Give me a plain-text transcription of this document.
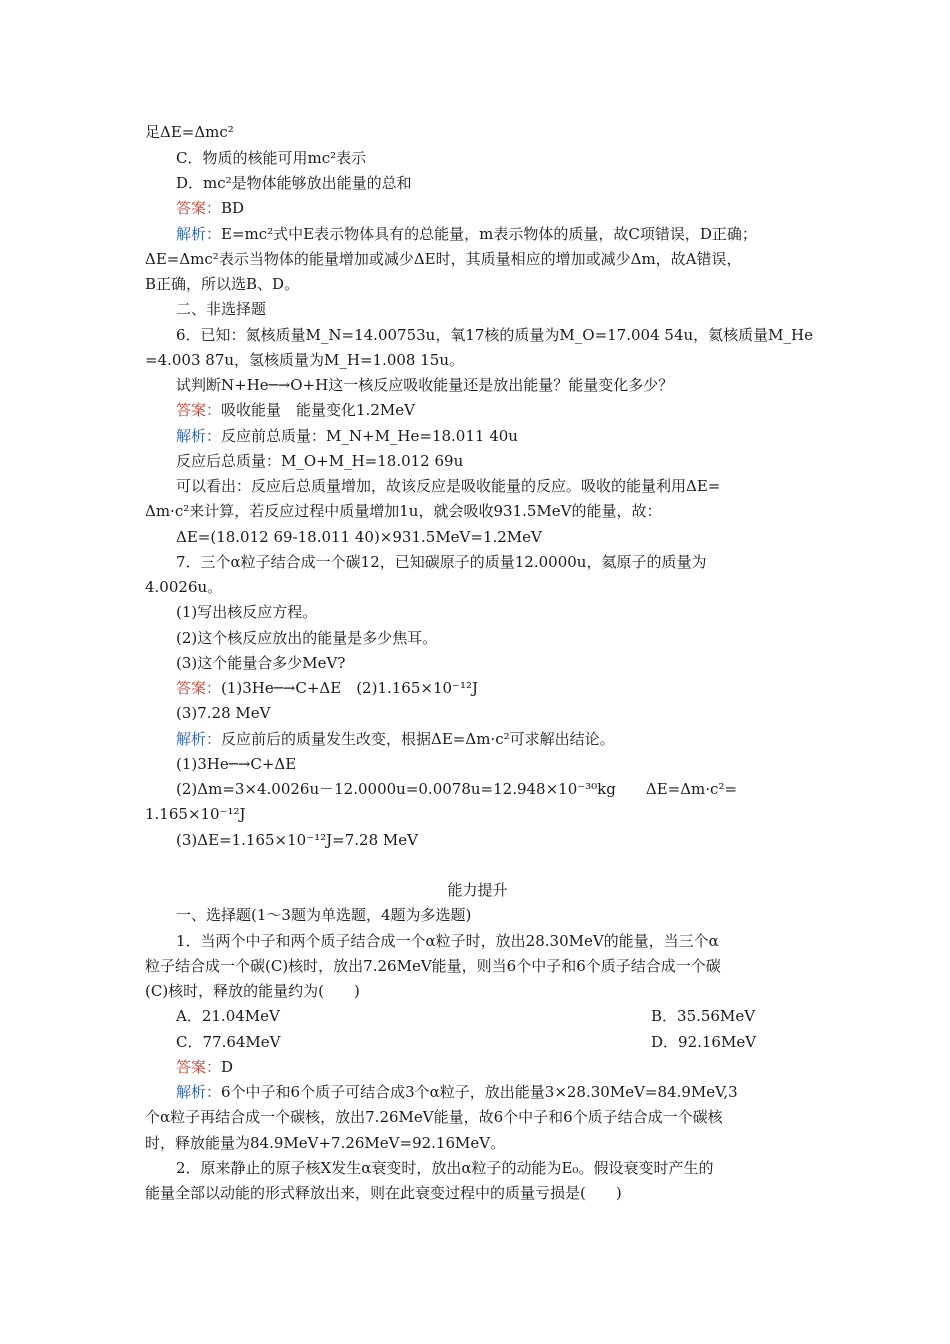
足ΔE=Δmc²
C．物质的核能可用mc²表示
D．mc²是物体能够放出能量的总和
答案：BD
解析：E=mc²式中E表示物体具有的总能量，m表示物体的质量，故C项错误，D正确；
ΔE=Δmc²表示当物体的能量增加或减少ΔE时，其质量相应的增加或减少Δm，故A错误，
B正确，所以选B、D。
二、非选择题
6．已知：氮核质量M_N=14.00753u，氧17核的质量为M_O=17.004 54u，氦核质量M_He
=4.003 87u，氢核质量为M_H=1.008 15u。
试判断N+He─→O+H这一核反应吸收能量还是放出能量？能量变化多少？
答案：吸收能量　能量变化1.2MeV
解析：反应前总质量：M_N+M_He=18.011 40u
反应后总质量：M_O+M_H=18.012 69u
可以看出：反应后总质量增加，故该反应是吸收能量的反应。吸收的能量利用ΔE=
Δm·c²来计算，若反应过程中质量增加1u，就会吸收931.5MeV的能量，故：
ΔE=(18.012 69-18.011 40)×931.5MeV=1.2MeV
7．三个α粒子结合成一个碳12，已知碳原子的质量12.0000u，氦原子的质量为
4.0026u。
(1)写出核反应方程。
(2)这个核反应放出的能量是多少焦耳。
(3)这个能量合多少MeV?
答案：(1)3He─→C+ΔE　(2)1.165×10⁻¹²J
(3)7.28 MeV
解析：反应前后的质量发生改变，根据ΔE=Δm·c²可求解出结论。
(1)3He─→C+ΔE
(2)Δm=3×4.0026u－12.0000u=0.0078u=12.948×10⁻³⁰kg　　ΔE=Δm·c²=
1.165×10⁻¹²J
(3)ΔE=1.165×10⁻¹²J=7.28 MeV
能力提升
一、选择题(1～3题为单选题，4题为多选题)
1．当两个中子和两个质子结合成一个α粒子时，放出28.30MeV的能量，当三个α
粒子结合成一个碳(C)核时，放出7.26MeV能量，则当6个中子和6个质子结合成一个碳
(C)核时，释放的能量约为(　　)
A．21.04MeV	B．35.56MeV
C．77.64MeV	D．92.16MeV
答案：D
解析：6个中子和6个质子可结合成3个α粒子，放出能量3×28.30MeV=84.9MeV,3
个α粒子再结合成一个碳核，放出7.26MeV能量，故6个中子和6个质子结合成一个碳核
时，释放能量为84.9MeV+7.26MeV=92.16MeV。
2．原来静止的原子核X发生α衰变时，放出α粒子的动能为E₀。假设衰变时产生的
能量全部以动能的形式释放出来，则在此衰变过程中的质量亏损是(　　)
